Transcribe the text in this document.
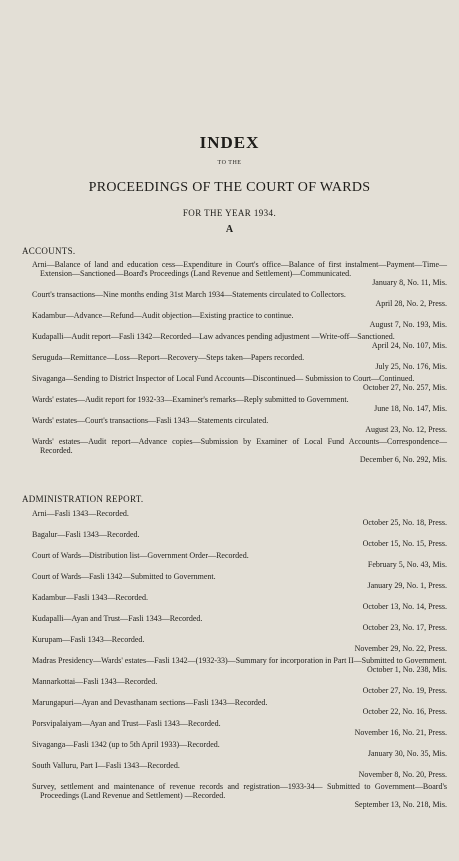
INDEX
TO THE
PROCEEDINGS OF THE COURT OF WARDS
FOR THE YEAR 1934.
A
ACCOUNTS.
Arni—Balance of land and education cess—Expenditure in Court's office—Balance of first instalment—Payment—Time—Extension—Sanctioned—Board's Proceedings (Land Revenue and Settlement)—Communicated.
January 8, No. 11, Mis.
Court's transactions—Nine months ending 31st March 1934—Statements circulated to Collectors.
April 28, No. 2, Press.
Kadambur—Advance—Refund—Audit objection—Existing practice to continue.
August 7, No. 193, Mis.
Kudapalli—Audit report—Fasli 1342—Recorded—Law advances pending adjustment —Write-off—Sanctioned.
April 24, No. 107, Mis.
Seruguda—Remittance—Loss—Report—Recovery—Steps taken—Papers recorded.
July 25, No. 176, Mis.
Sivaganga—Sending to District Inspector of Local Fund Accounts—Discontinued— Submission to Court—Continued.
October 27, No. 257, Mis.
Wards' estates—Audit report for 1932-33—Examiner's remarks—Reply submitted to Government.
June 18, No. 147, Mis.
Wards' estates—Court's transactions—Fasli 1343—Statements circulated.
August 23, No. 12, Press.
Wards' estates—Audit report—Advance copies—Submission by Examiner of Local Fund Accounts—Correspondence—Recorded.
December 6, No. 292, Mis.
ADMINISTRATION REPORT.
Arni—Fasli 1343—Recorded.
October 25, No. 18, Press.
Bagalur—Fasli 1343—Recorded.
October 15, No. 15, Press.
Court of Wards—Distribution list—Government Order—Recorded.
February 5, No. 43, Mis.
Court of Wards—Fasli 1342—Submitted to Government.
January 29, No. 1, Press.
Kadambur—Fasli 1343—Recorded.
October 13, No. 14, Press.
Kudapalli—Ayan and Trust—Fasli 1343—Recorded.
October 23, No. 17, Press.
Kurupam—Fasli 1343—Recorded.
November 29, No. 22, Press.
Madras Presidency—Wards' estates—Fasli 1342—(1932-33)—Summary for incorporation in Part II—Submitted to Government.
October 1, No. 238, Mis.
Mannarkottai—Fasli 1343—Recorded.
October 27, No. 19, Press.
Marungapuri—Ayan and Devasthanam sections—Fasli 1343—Recorded.
October 22, No. 16, Press.
Porsvipalaiyam—Ayan and Trust—Fasli 1343—Recorded.
November 16, No. 21, Press.
Sivaganga—Fasli 1342 (up to 5th April 1933)—Recorded.
January 30, No. 35, Mis.
South Valluru, Part I—Fasli 1343—Recorded.
November 8, No. 20, Press.
Survey, settlement and maintenance of revenue records and registration—1933-34— Submitted to Government—Board's Proceedings (Land Revenue and Settlement) —Recorded.
September 13, No. 218, Mis.
